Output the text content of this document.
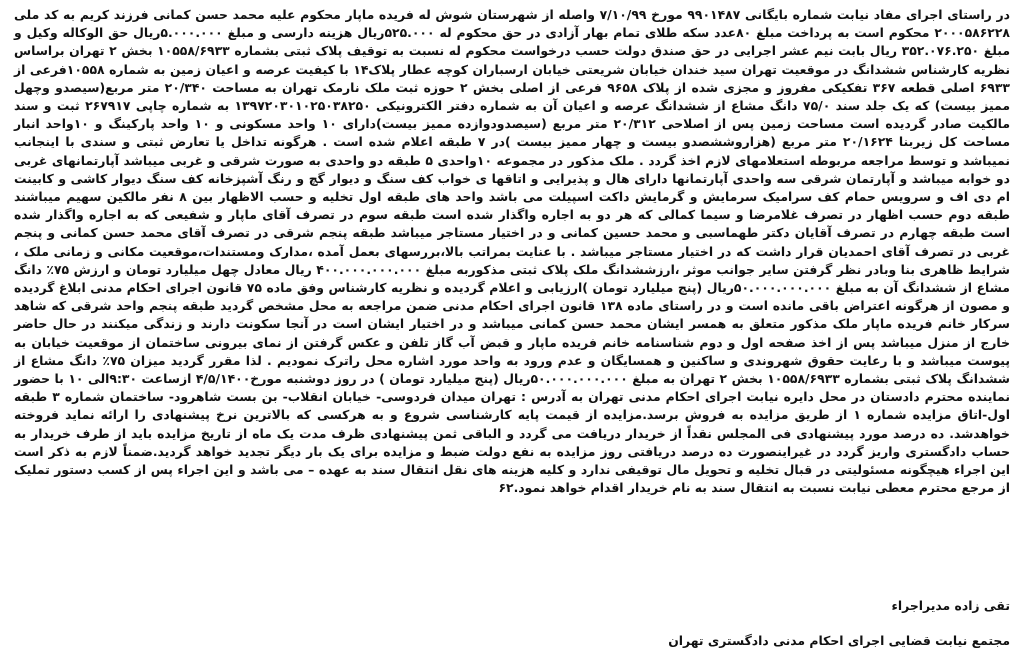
در راستای اجرای مفاد نیابت شماره بایگانی ۹۹۰۱۴۸۷ مورخ ۷/۱۰/۹۹ واصله از شهرستان شوش له فریده ماپار محکوم علیه محمد حسن کمانی فرزند کریم به کد ملی ۲۰۰۰۵۸۶۲۲۸ محکوم است به پرداخت مبلغ ۸۰عدد سکه طلای تمام بهار آزادی در حق محکوم له ۵۲۵.۰۰۰ریال هزینه دارسی و مبلغ ۵.۰۰۰.۰۰۰ریال حق الوکاله وکیل و مبلغ ۳۵۲.۰۷۶.۲۵۰ ریال بابت نیم عشر اجرایی در حق صندق دولت حسب درخواست محکوم له نسبت به توقیف پلاک ثبتی بشماره ۱۰۵۵۸/۶۹۳۳ بخش ۲ تهران براساس نظریه کارشناس ششدانگ در موقعیت تهران سید خندان خیابان شریعتی خیابان ارسباران کوچه عطار پلاک۱۴ با کیفیت عرصه و اعیان زمین به شماره ۱۰۵۵۸فرعی از ۶۹۳۳ اصلی قطعه ۳۶۷ تفکیکی مفروز و مجزی شده از پلاک ۹۶۵۸ فرعی از اصلی بخش ۲ حوزه ثبت ملک نارمک تهران به مساحت ۲۰/۳۴۰ متر مربع(سیصدو وچهل ممیز بیست) که یک جلد سند ۷۵/۰ دانگ مشاع از ششدانگ عرصه و اعیان آن به شماره دفتر الکترونیکی ۱۳۹۷۲۰۳۰۱۰۲۵۰۳۸۲۵۰ به شماره چاپی ۲۶۷۹۱۷ ثبت و سند مالکیت صادر گردیده است مساحت زمین پس از اصلاحی ۲۰/۳۱۲ متر مربع (سیصدودوازده ممیز بیست)دارای ۱۰ واحد مسکونی و ۱۰ واحد پارکینگ و ۱۰واحد انبار مساحت کل زیربنا ۲۰/۱۶۲۴ متر مربع (هزاروششصدو بیست و چهار ممیز بیست )در ۷ طبقه اعلام شده است . هرگونه تداخل یا تعارض ثبتی و سندی با اینجانب نمیباشد و توسط مراجعه مربوطه استعلامهای لازم اخذ گردد . ملک مذکور در مجموعه ۱۰واحدی ۵ طبقه دو واحدی به صورت شرقی و غربی میباشد آپارتمانهای غربی دو خوابه میباشد و آپارتمان شرقی سه واحدی آپارتمانها دارای هال و پذیرایی و اتاقها ی خواب کف سنگ و دیوار گچ و رنگ آشپزخانه کف سنگ دیوار کاشی و کابینت ام دی اف و سرویس حمام کف سرامیک سرمایش و گرمایش داکت اسپیلت می باشد واحد های طبقه اول تخلیه و حسب الاظهار بین ۸ نفر مالکین سهیم میباشند طبقه دوم حسب اظهار در تصرف غلامرضا و سیما کمالی که هر دو به اجاره واگذار شده است طبقه سوم در تصرف آقای ماپار و شفیعی که به اجاره واگذار شده است طبقه چهارم در تصرف آقایان دکتر طهماسبی و محمد حسین کمانی و در اختیار مستاجر میباشد طبقه پنجم شرقی در تصرف آقای محمد حسن کمانی و پنجم غربی در تصرف آقای احمدیان قرار داشت که در اختیار مستاجر میباشد . با عنایت بمراتب بالا،بررسهای بعمل آمده ،مدارک ومستندات،موقعیت مکانی و زمانی ملک ، شرایط ظاهری بنا وبادر نظر گرفتن سایر جوانب موثر ،ارزششدانگ ملک پلاک ثبتی مذکوربه مبلغ ۴۰۰.۰۰۰.۰۰۰.۰۰۰ ریال معادل چهل میلیارد تومان و ارزش ۷۵٪ دانگ مشاع از ششدانگ آن به مبلغ ۵۰.۰۰۰.۰۰۰.۰۰۰ریال (پنج میلیارد تومان )ارزیابی و اعلام گردیده و نظریه کارشناس وفق ماده ۷۵ قانون اجرای احکام مدنی ابلاغ گردیده و مصون از هرگونه اعتراض باقی مانده است و در راستای ماده ۱۳۸ قانون اجرای احکام مدنی ضمن مراجعه به محل مشخص گردید طبقه پنجم واحد شرقی که شاهد سرکار خانم فریده ماپار ملک مذکور متعلق به همسر ایشان محمد حسن کمانی میباشد و در اختیار ایشان است در آنجا سکونت دارند و زندگی میکنند در حال حاضر خارج از منزل میباشد پس از اخذ صفحه اول و دوم شناسنامه خانم فریده ماپار و قبض آب گاز تلفن و عکس گرفتن از نمای بیرونی ساختمان از موقعیت خیابان به پیوست میباشد و با رعایت حقوق شهروندی و ساکنین و همسایگان و عدم ورود به واحد مورد اشاره محل راترک نمودیم . لذا مقرر گردید میزان ۷۵٪ دانگ مشاع از ششدانگ پلاک ثبتی بشماره ۱۰۵۵۸/۶۹۳۳ بخش ۲ تهران به مبلغ ۵۰.۰۰۰.۰۰۰.۰۰۰ریال (پنج میلیارد تومان ) در روز دوشنبه مورخ۴/۵/۱۴۰۰ ازساعت ۹:۳۰الی ۱۰ با حضور نماینده محترم دادستان در محل دایره نیابت اجرای احکام مدنی تهران به آدرس : تهران میدان فردوسی- خیابان انقلاب- بن بست شاهرود- ساختمان شماره ۳ طبقه اول-اتاق مزایده شماره ۱ از طریق مزایده به فروش برسد.مزایده از قیمت پایه کارشناسی شروع و به هرکسی که بالاترین نرخ پیشنهادی را ارائه نماید فروخته خواهدشد. ده درصد مورد پیشنهادی فی المجلس نقداً از خریدار دریافت می گردد و الباقی ثمن پیشنهادی ظرف مدت یک ماه از تاریخ مزایده باید از طرف خریدار به حساب دادگستری واریز گردد در غیراینصورت ده درصد دریافتی روز مزایده به نفع دولت ضبط و مزایده برای یک بار دیگر تجدید خواهد گردید.ضمناً لازم به ذکر است این اجراء هیچگونه مسئولیتی در قبال تخلیه و تحویل مال توقیفی ندارد و کلیه هزینه های نقل انتقال سند به عهده – می باشد و این اجراء پس از کسب دستور تملیک از مرجع محترم معطی نیابت نسبت به انتقال سند به نام خریدار اقدام خواهد نمود.۶۲

تقی زاده مدیراجراء
مجتمع نیابت قضایی اجرای احکام مدنی دادگستری تهران
